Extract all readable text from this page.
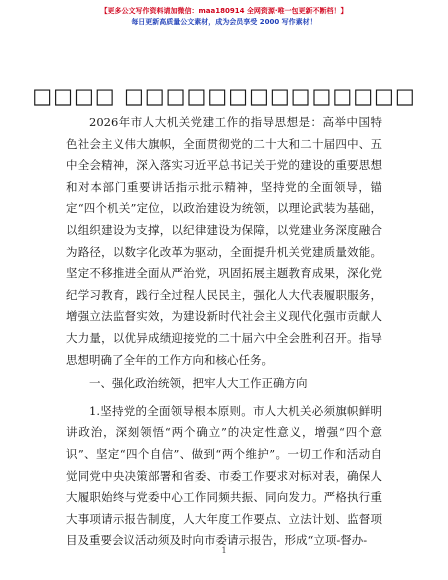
【更多公文写作资料请加微信：maa180914 全网资源·唯一包更新不断档！】
每日更新高质量公文素材，成为会员享受 2000 写作素材！
□□□□ □□□□□□□□□□□□□□

2026年市人大机关党建工作的指导思想是：高举中国特色社会主义伟大旗帜，全面贯彻党的二十大和二十届四中、五中全会精神，深入落实习近平总书记关于党的建设的重要思想和对本部门重要讲话指示批示精神，坚持党的全面领导，锚定“四个机关”定位，以政治建设为统领，以理论武装为基础，以组织建设为支撑，以纪律建设为保障，以党建业务深度融合为路径，以数字化改革为驱动，全面提升机关党建质量效能。坚定不移推进全面从严治党，巩固拓展主题教育成果，深化党纪学习教育，践行全过程人民民主，强化人大代表履职服务，增强立法监督实效，为建设新时代社会主义现代化强市贡献人大力量，以优异成绩迎接党的二十届六中全会胜利召开。指导思想明确了全年的工作方向和核心任务。

一、强化政治统领，把牢人大工作正确方向

1.坚持党的全面领导根本原则。市人大机关必须旗帜鲜明讲政治，深刻领悟“两个确立”的决定性意义，增强“四个意识”、坚定“四个自信”、做到“两个维护”。一切工作和活动自觉同党中央决策部署和省委、市委工作要求对标对表，确保人大履职始终与党委中心工作同频共振、同向发力。严格执行重大事项请示报告制度，人大年度工作要点、立法计划、监督项目及重要会议活动须及时向市委请示报告，形成“立项-督办-

1
